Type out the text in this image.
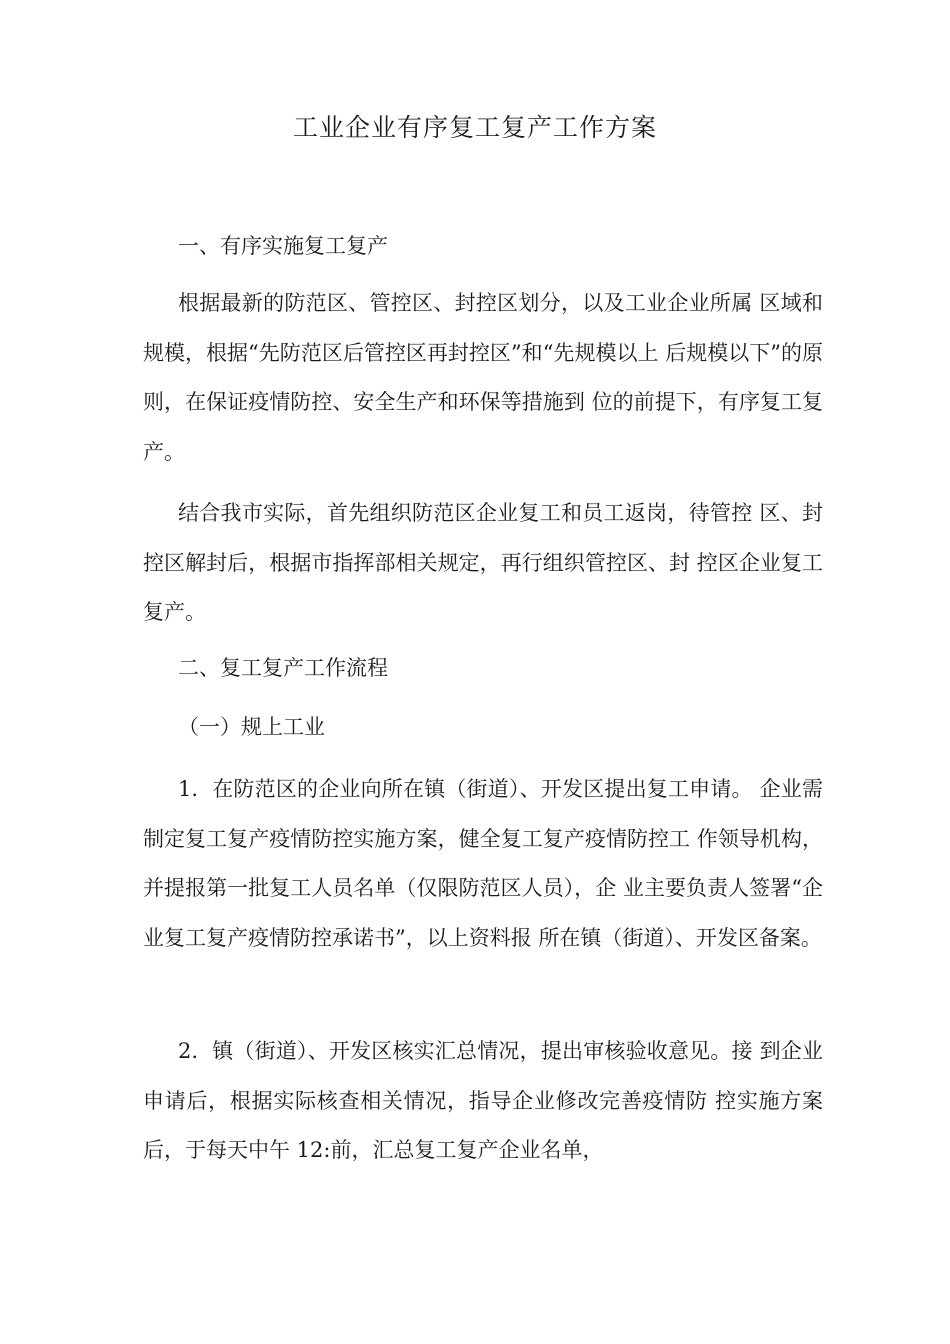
工业企业有序复工复产工作方案
一、有序实施复工复产

根据最新的防范区、管控区、封控区划分，以及工业企业所属 区域和规模，根据“先防范区后管控区再封控区”和“先规模以上 后规模以下”的原则，在保证疫情防控、安全生产和环保等措施到 位的前提下，有序复工复产。

结合我市实际，首先组织防范区企业复工和员工返岗，待管控 区、封控区解封后，根据市指挥部相关规定，再行组织管控区、封 控区企业复工复产。

二、复工复产工作流程
（一）规上工业

1. 在防范区的企业向所在镇（街道）、开发区提出复工申请。 企业需制定复工复产疫情防控实施方案，健全复工复产疫情防控工 作领导机构，并提报第一批复工人员名单（仅限防范区人员），企 业主要负责人签署“企业复工复产疫情防控承诺书”，以上资料报 所在镇（街道）、开发区备案。

2. 镇（街道）、开发区核实汇总情况，提出审核验收意见。接 到企业申请后，根据实际核查相关情况，指导企业修改完善疫情防 控实施方案后，于每天中午 12:前，汇总复工复产企业名单，
